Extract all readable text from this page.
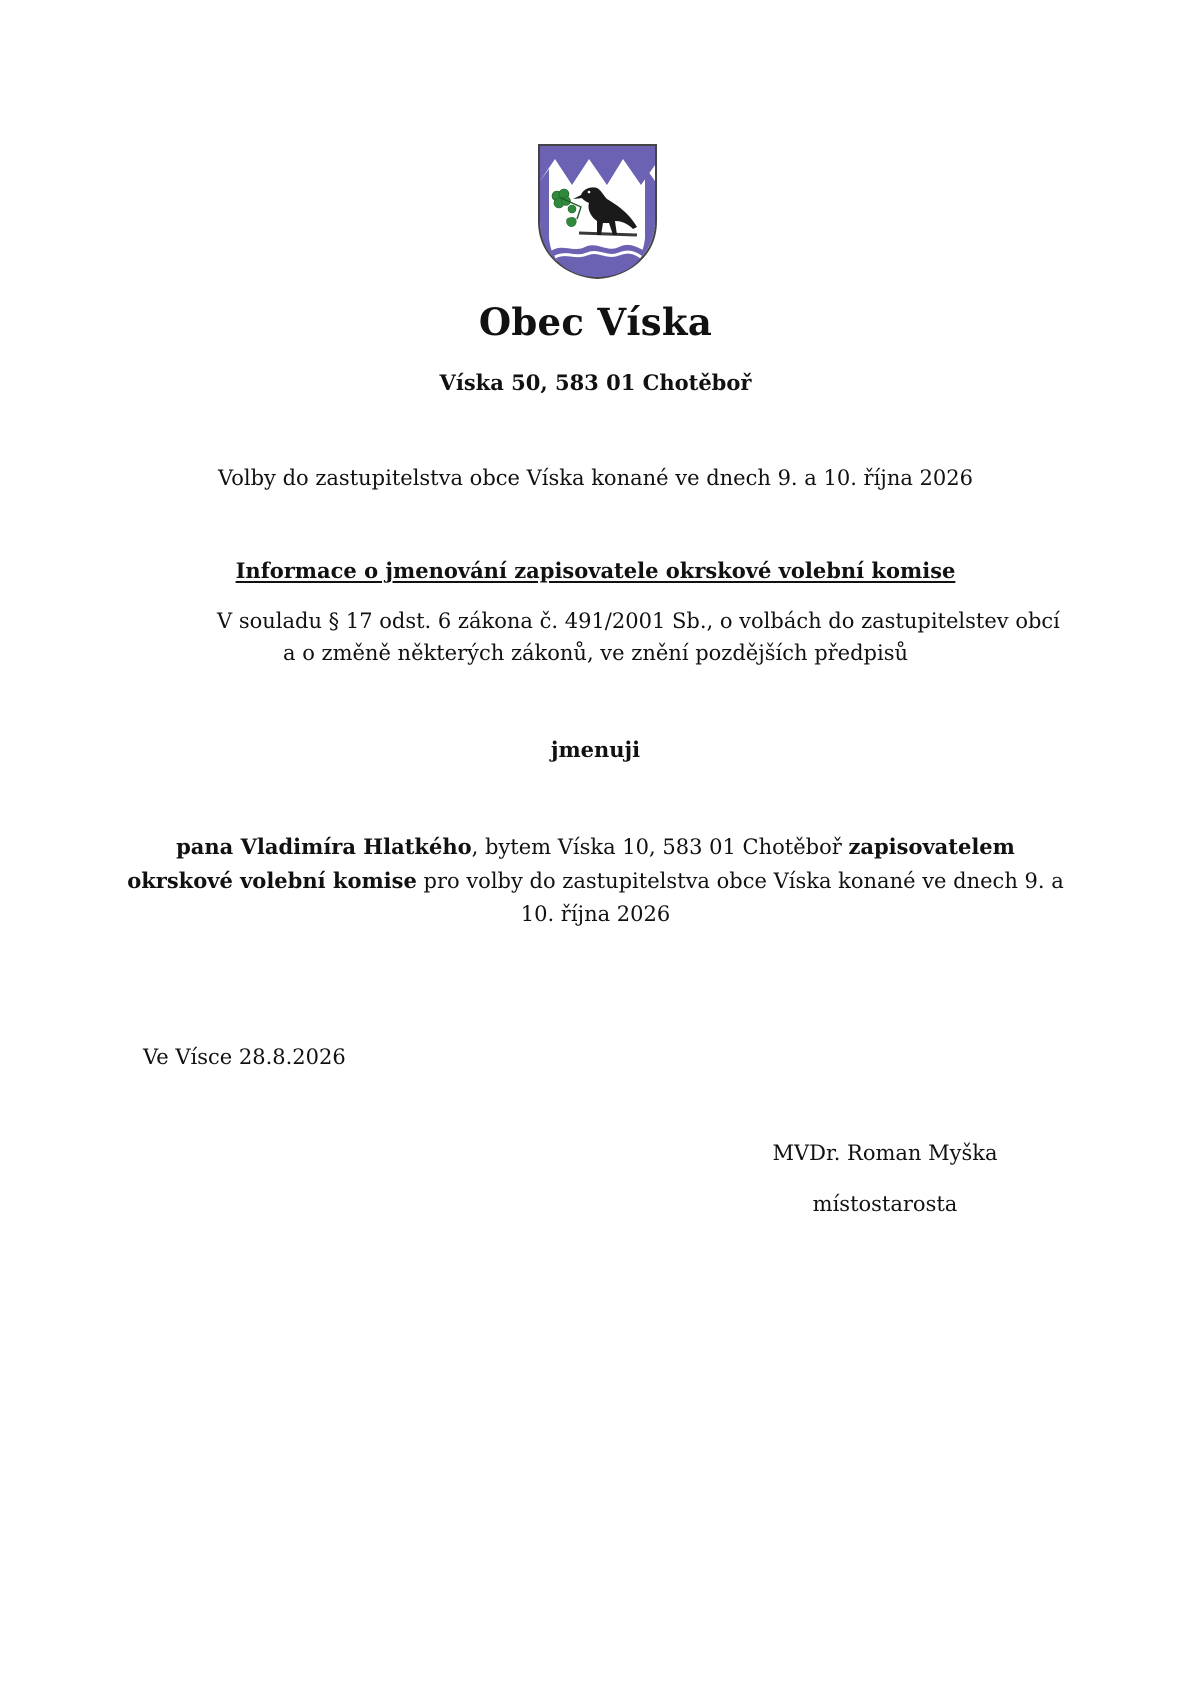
Obec Víska
Víska 50, 583 01 Chotěboř
Volby do zastupitelstva obce Víska konané ve dnech 9. a 10. října 2026
Informace o jmenování zapisovatele okrskové volební komise
V souladu § 17 odst. 6 zákona č. 491/2001 Sb., o volbách do zastupitelstev obcí
a o změně některých zákonů, ve znění pozdějších předpisů
jmenuji
pana Vladimíra Hlatkého, bytem Víska 10, 583 01 Chotěboř zapisovatelem
okrskové volební komise pro volby do zastupitelstva obce Víska konané ve dnech 9. a 10. října 2026
Ve Vísce 28.8.2026
MVDr. Roman Myška
místostarosta
